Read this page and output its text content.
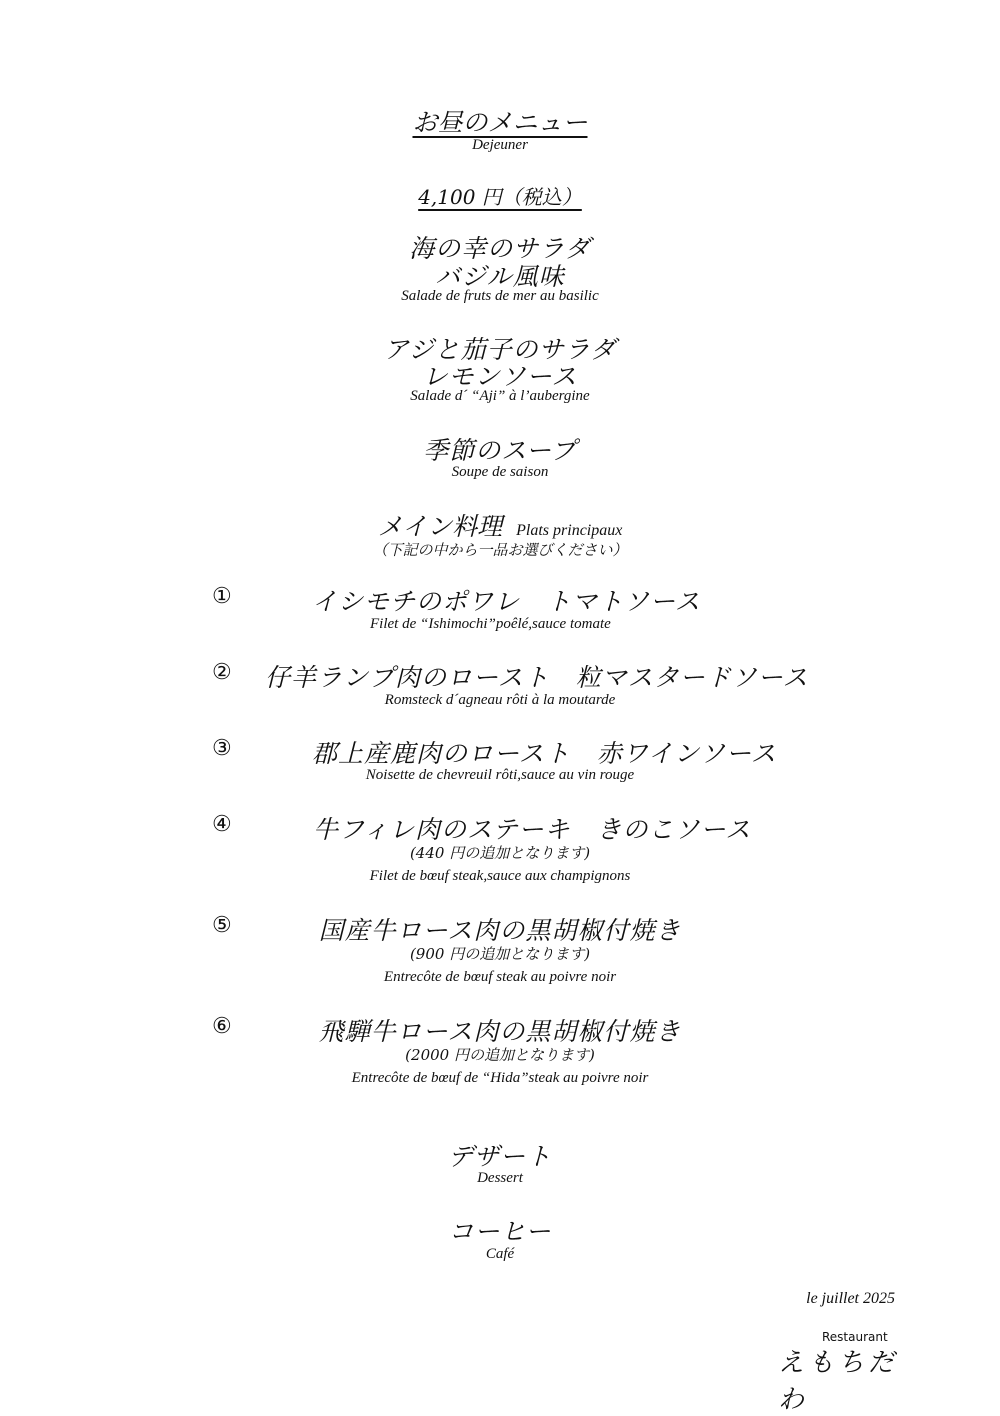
お昼のメニュー
Dejeuner
4,100 円（税込）
海の幸のサラダ
バジル風味
Salade de fruts de mer au basilic
アジと茄子のサラダ
レモンソース
Salade d´ “Aji” à l’aubergine
季節のスープ
Soupe de saison
メイン料理 Plats principaux
（下記の中から一品お選びください）
①	イシモチのポワレ　トマトソース
Filet de “Ishimochi”poêlé,sauce tomate
② 仔羊ランプ肉のロースト　粒マスタードソース
Romsteck d´agneau rôti à la moutarde
③	郡上産鹿肉のロースト　赤ワインソース
Noisette de chevreuil rôti,sauce au vin rouge
④	牛フィレ肉のステーキ　きのこソース
(440 円の追加となります)
Filet de bœuf steak,sauce aux champignons
⑤	国産牛ロース肉の黒胡椒付焼き
(900 円の追加となります)
Entrecôte de bœuf steak au poivre noir
⑥	飛騨牛ロース肉の黒胡椒付焼き
(2000 円の追加となります)
Entrecôte de bœuf de “Hida”steak au poivre noir
デザート
Dessert
コーヒー
Café
le juillet 2025
Restaurant
えもちだわ
